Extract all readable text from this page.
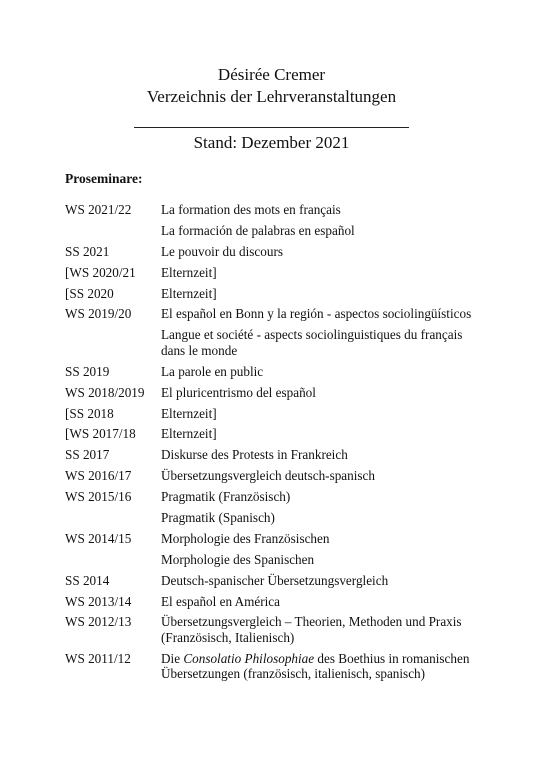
Désirée Cremer
Verzeichnis der Lehrveranstaltungen
Stand: Dezember 2021
Proseminare:
WS 2021/22	La formation des mots en français
La formación de palabras en español
SS 2021	Le pouvoir du discours
[WS 2020/21	Elternzeit]
[SS 2020	Elternzeit]
WS 2019/20	El español en Bonn y la región - aspectos sociolingüísticos
Langue et société - aspects sociolinguistiques du français dans le monde
SS 2019	La parole en public
WS 2018/2019	El pluricentrismo del español
[SS 2018	Elternzeit]
[WS 2017/18	Elternzeit]
SS 2017	Diskurse des Protests in Frankreich
WS 2016/17	Übersetzungsvergleich deutsch-spanisch
WS 2015/16	Pragmatik (Französisch)
Pragmatik (Spanisch)
WS 2014/15	Morphologie des Französischen
Morphologie des Spanischen
SS 2014	Deutsch-spanischer Übersetzungsvergleich
WS 2013/14	El español en América
WS 2012/13	Übersetzungsvergleich – Theorien, Methoden und Praxis (Französisch, Italienisch)
WS 2011/12	Die Consolatio Philosophiae des Boethius in romanischen Übersetzungen (französisch, italienisch, spanisch)
